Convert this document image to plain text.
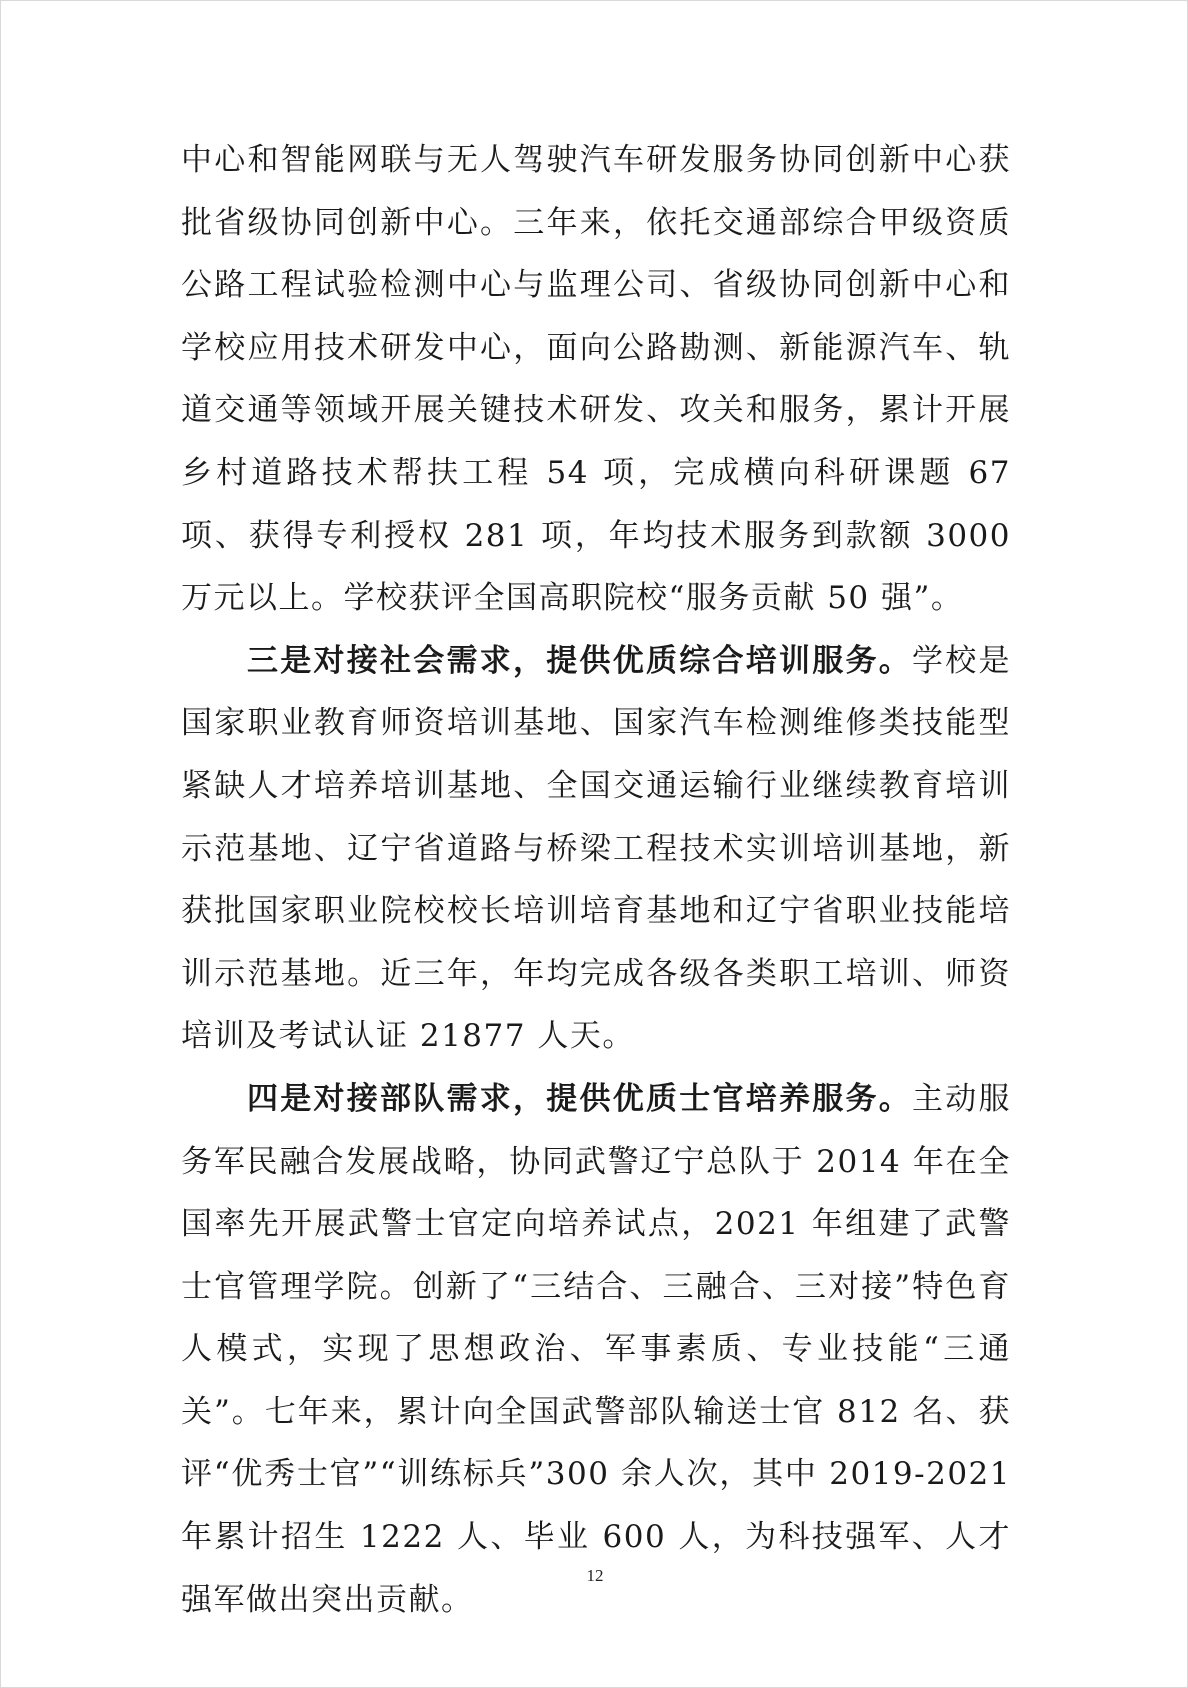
中心和智能网联与无人驾驶汽车研发服务协同创新中心获批省级协同创新中心。三年来，依托交通部综合甲级资质公路工程试验检测中心与监理公司、省级协同创新中心和学校应用技术研发中心，面向公路勘测、新能源汽车、轨道交通等领域开展关键技术研发、攻关和服务，累计开展乡村道路技术帮扶工程 54 项，完成横向科研课题 67 项、获得专利授权 281 项，年均技术服务到款额 3000 万元以上。学校获评全国高职院校“服务贡献 50 强”。

三是对接社会需求，提供优质综合培训服务。学校是国家职业教育师资培训基地、国家汽车检测维修类技能型紧缺人才培养培训基地、全国交通运输行业继续教育培训示范基地、辽宁省道路与桥梁工程技术实训培训基地，新获批国家职业院校校长培训培育基地和辽宁省职业技能培训示范基地。近三年，年均完成各级各类职工培训、师资培训及考试认证 21877 人天。

四是对接部队需求，提供优质士官培养服务。主动服务军民融合发展战略，协同武警辽宁总队于 2014 年在全国率先开展武警士官定向培养试点，2021 年组建了武警士官管理学院。创新了“三结合、三融合、三对接”特色育人模式，实现了思想政治、军事素质、专业技能“三通关”。七年来，累计向全国武警部队输送士官 812 名、获评“优秀士官”“训练标兵”300 余人次，其中 2019-2021 年累计招生 1222 人、毕业 600 人，为科技强军、人才强军做出突出贡献。

12
